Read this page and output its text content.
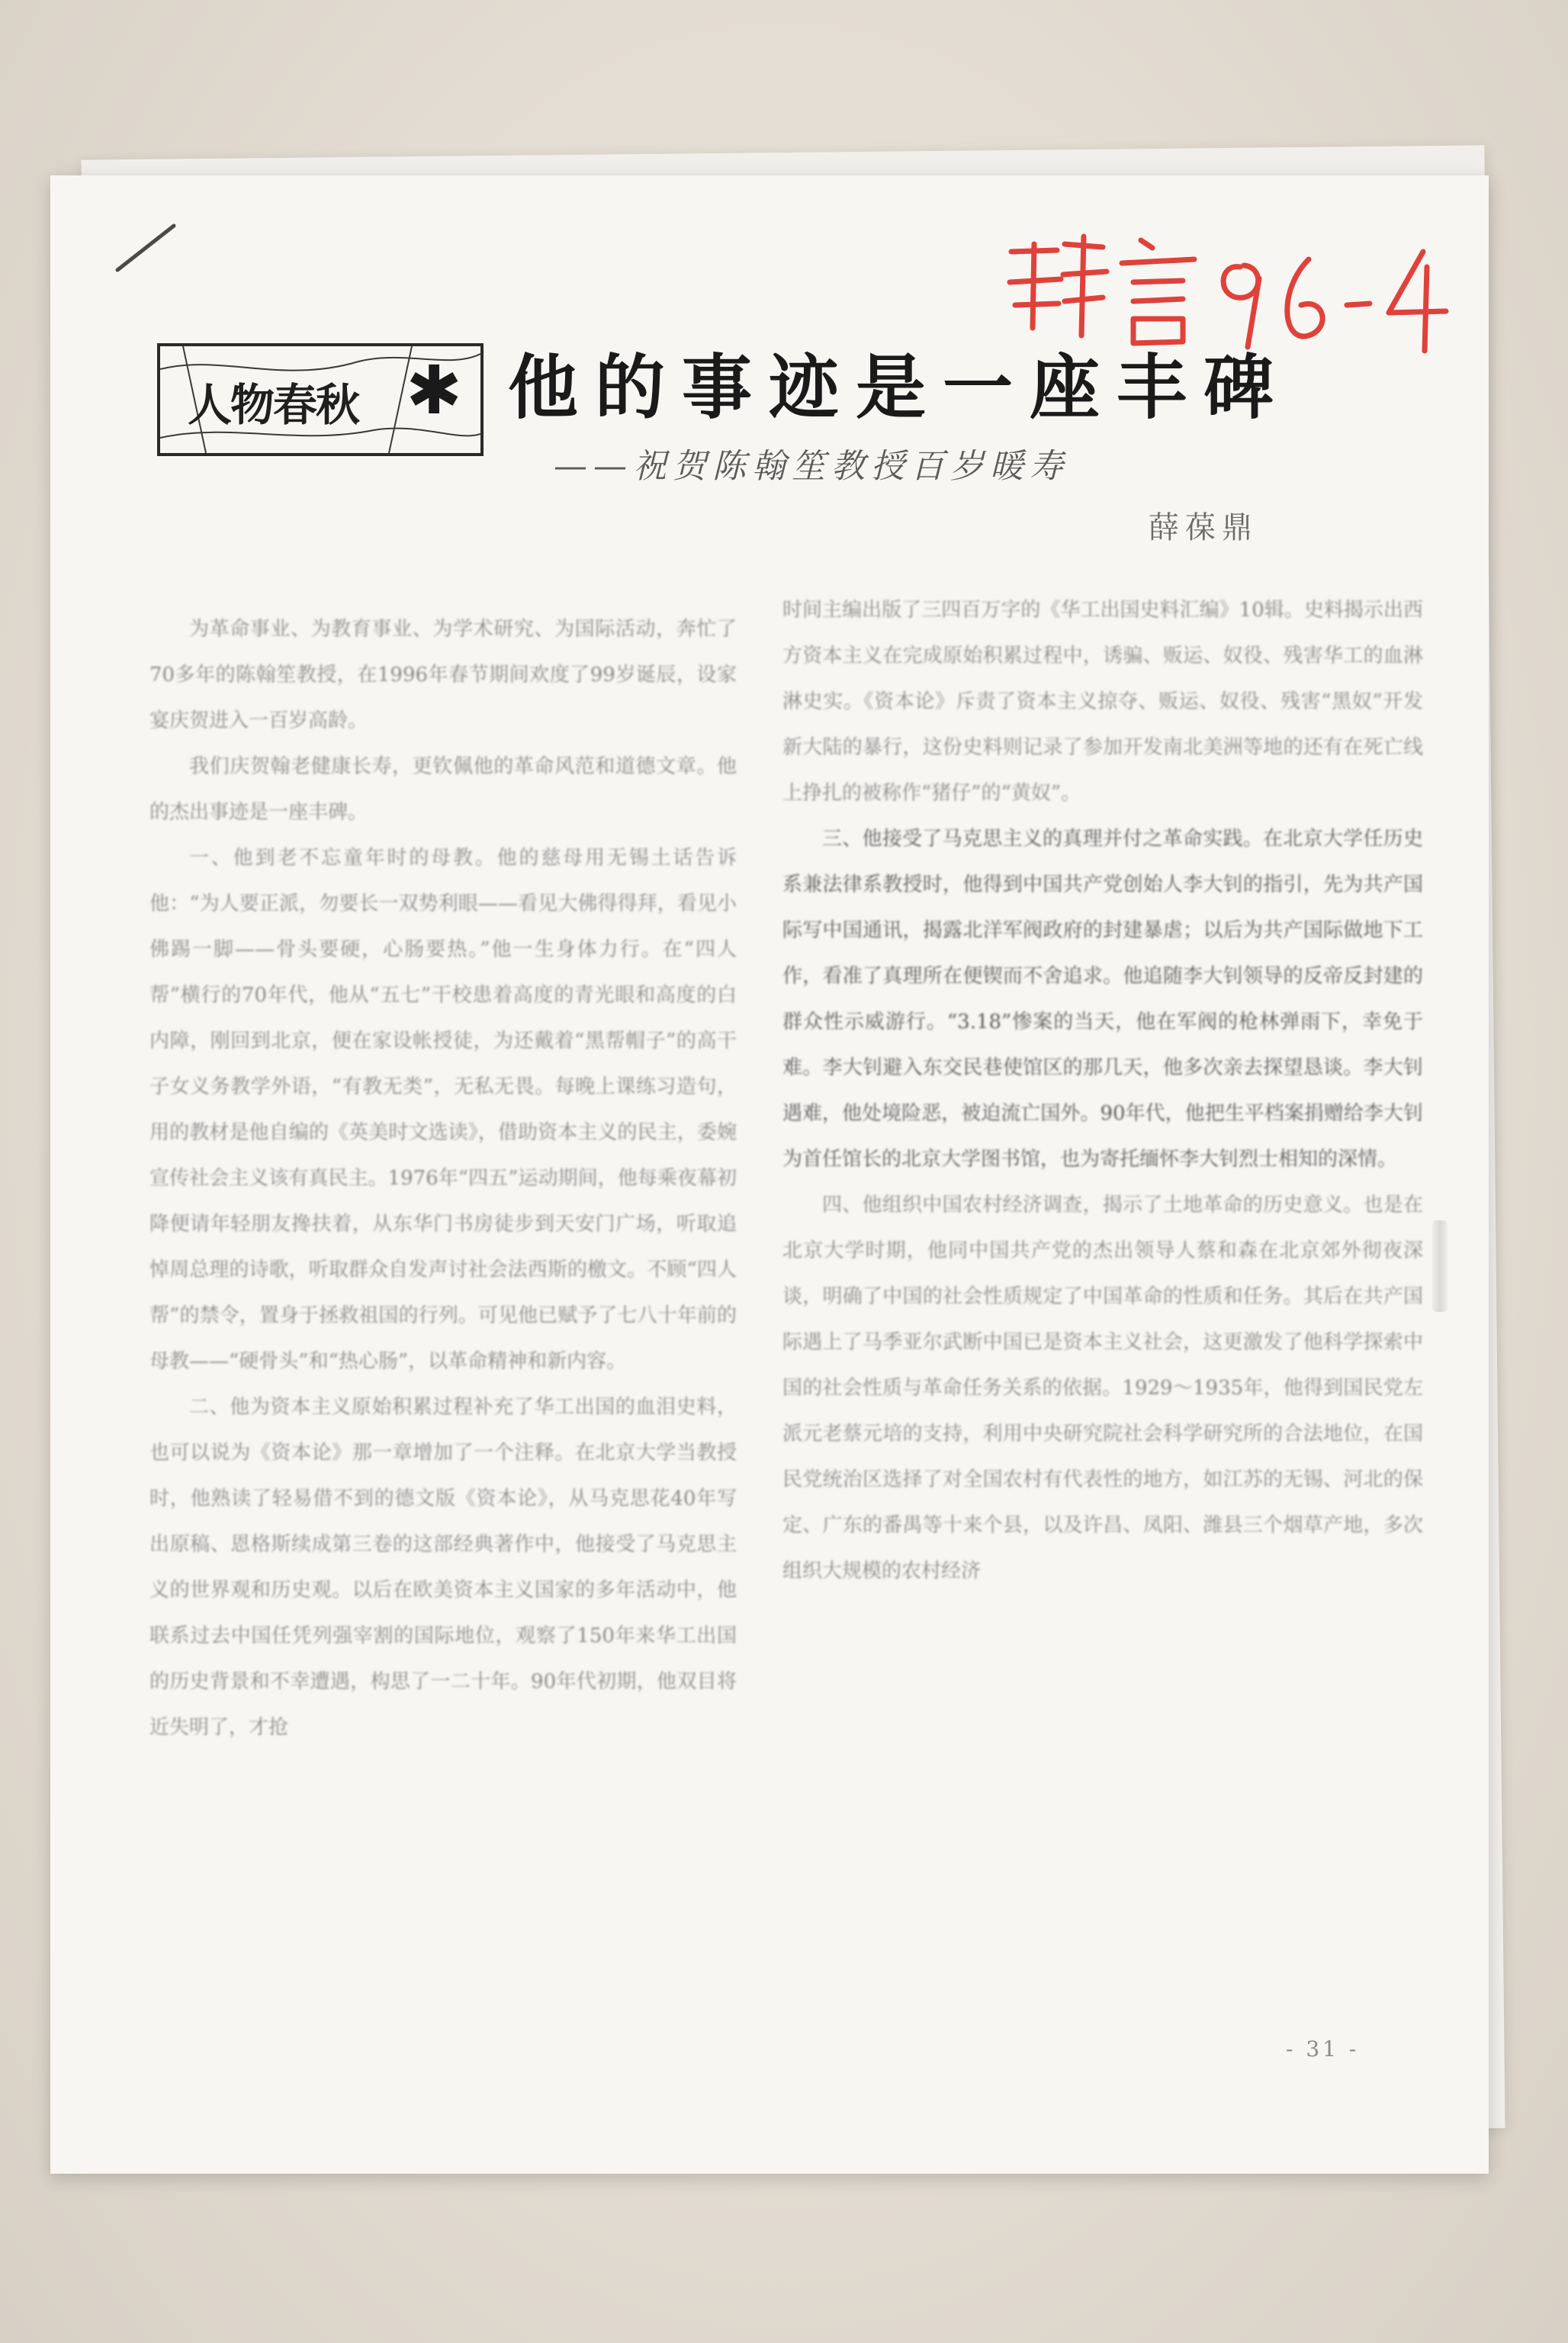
人物春秋 ✱ 他的事迹是一座丰碑
——祝贺陈翰笙教授百岁暖寿
薛葆鼎

为革命事业、为教育事业、为学术研究、为国际活动，奔忙了70多年的陈翰笙教授，在1996年春节期间欢度了99岁诞辰，设家宴庆贺进入一百岁高龄。

我们庆贺翰老健康长寿，更钦佩他的革命风范和道德文章。他的杰出事迹是一座丰碑。

一、他到老不忘童年时的母教。他的慈母用无锡土话告诉他：“为人要正派，勿要长一双势利眼——看见大佛得得拜，看见小佛踢一脚——骨头要硬，心肠要热。”他一生身体力行。在“四人帮”横行的70年代，他从“五七”干校患着高度的青光眼和高度的白内障，刚回到北京，便在家设帐授徒，为还戴着“黑帮帽子”的高干子女义务教学外语，“有教无类”，无私无畏。每晚上课练习造句，用的教材是他自编的《英美时文选读》，借助资本主义的民主，委婉宣传社会主义该有真民主。1976年“四五”运动期间，他每乘夜幕初降便请年轻朋友搀扶着，从东华门书房徒步到天安门广场，听取追悼周总理的诗歌，听取群众自发声讨社会法西斯的檄文。不顾“四人帮”的禁令，置身于拯救祖国的行列。可见他已赋予了七八十年前的母教——“硬骨头”和“热心肠”，以革命精神和新内容。

二、他为资本主义原始积累过程补充了华工出国的血泪史料，也可以说为《资本论》那一章增加了一个注释。在北京大学当教授时，他熟读了轻易借不到的德文版《资本论》，从马克思花40年写出原稿、恩格斯续成第三卷的这部经典著作中，他接受了马克思主义的世界观和历史观。以后在欧美资本主义国家的多年活动中，他联系过去中国任凭列强宰割的国际地位，观察了150年来华工出国的历史背景和不幸遭遇，构思了一二十年。90年代初期，他双目将近失明了，才抢

时间主编出版了三四百万字的《华工出国史料汇编》10辑。史料揭示出西方资本主义在完成原始积累过程中，诱骗、贩运、奴役、残害华工的血淋淋史实。《资本论》斥责了资本主义掠夺、贩运、奴役、残害“黑奴”开发新大陆的暴行，这份史料则记录了参加开发南北美洲等地的还有在死亡线上挣扎的被称作“猪仔”的“黄奴”。

三、他接受了马克思主义的真理并付之革命实践。在北京大学任历史系兼法律系教授时，他得到中国共产党创始人李大钊的指引，先为共产国际写中国通讯，揭露北洋军阀政府的封建暴虐；以后为共产国际做地下工作，看准了真理所在便锲而不舍追求。他追随李大钊领导的反帝反封建的群众性示威游行。“3.18”惨案的当天，他在军阀的枪林弹雨下，幸免于难。李大钊避入东交民巷使馆区的那几天，他多次亲去探望恳谈。李大钊遇难，他处境险恶，被迫流亡国外。90年代，他把生平档案捐赠给李大钊为首任馆长的北京大学图书馆，也为寄托缅怀李大钊烈士相知的深情。

四、他组织中国农村经济调查，揭示了土地革命的历史意义。也是在北京大学时期，他同中国共产党的杰出领导人蔡和森在北京郊外彻夜深谈，明确了中国的社会性质规定了中国革命的性质和任务。其后在共产国际遇上了马季亚尔武断中国已是资本主义社会，这更激发了他科学探索中国的社会性质与革命任务关系的依据。1929～1935年，他得到国民党左派元老蔡元培的支持，利用中央研究院社会科学研究所的合法地位，在国民党统治区选择了对全国农村有代表性的地方，如江苏的无锡、河北的保定、广东的番禺等十来个县，以及许昌、凤阳、潍县三个烟草产地，多次组织大规模的农村经济

- 31 -
